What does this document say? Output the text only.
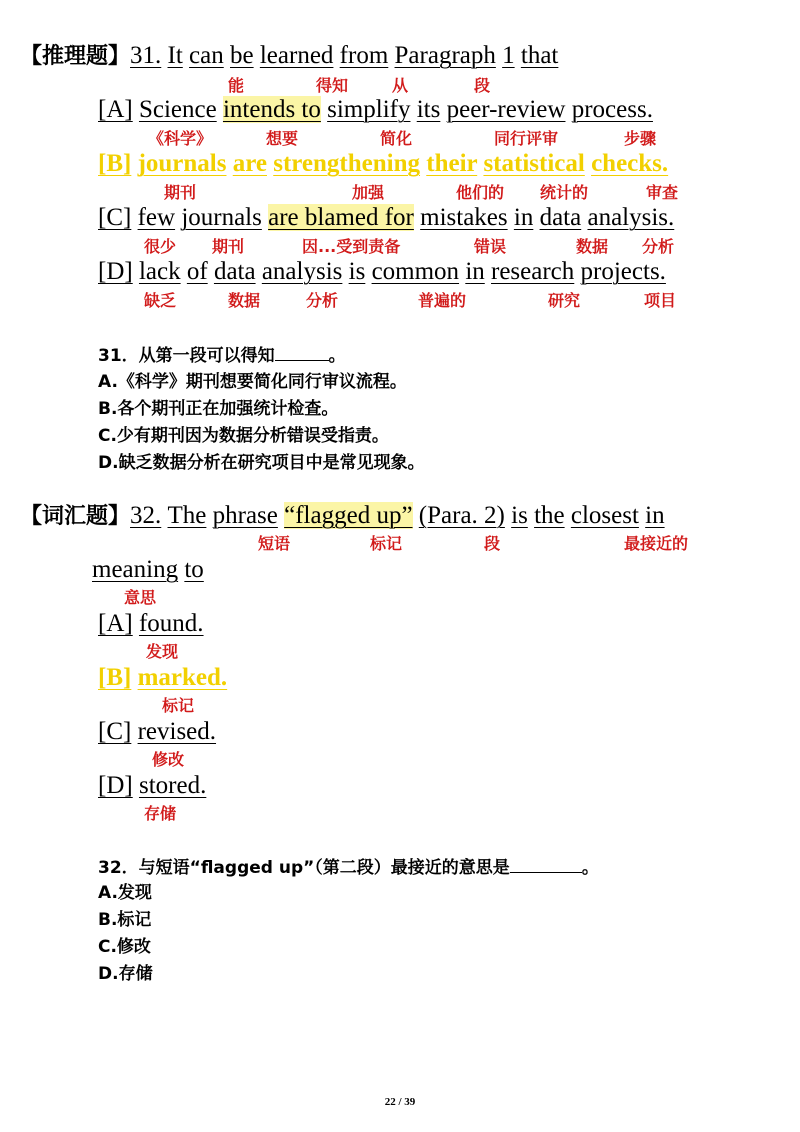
【推理题】31. It can be learned from Paragraph 1 that
能	得知	从	段
[A] Science intends to simplify its peer-review process.
《科学》	想要	简化	同行评审	步骤
[B] journals are strengthening their statistical checks.
期刊	加强	他们的 统计的	审查
[C] few journals are blamed for mistakes in data analysis.
很少 期刊	因...受到责备	错误	数据 分析
[D] lack of data analysis is common in research projects.
缺乏	数据	分析	普遍的	研究	项目
31．从第一段可以得知	。
A.《科学》期刊想要简化同行审议流程。
B.各个期刊正在加强统计检查。
C.少有期刊因为数据分析错误受指责。
D.缺乏数据分析在研究项目中是常见现象。
【词汇题】32. The phrase “flagged up” (Para. 2) is the closest in
短语	标记	段	最接近的
meaning to
意思
[A] found.
发现
[B] marked.
标记
[C] revised.
修改
[D] stored.
存储
32．与短语“flagged up”（第二段）最接近的意思是	。
A.发现
B.标记
C.修改
D.存储
22 / 39
